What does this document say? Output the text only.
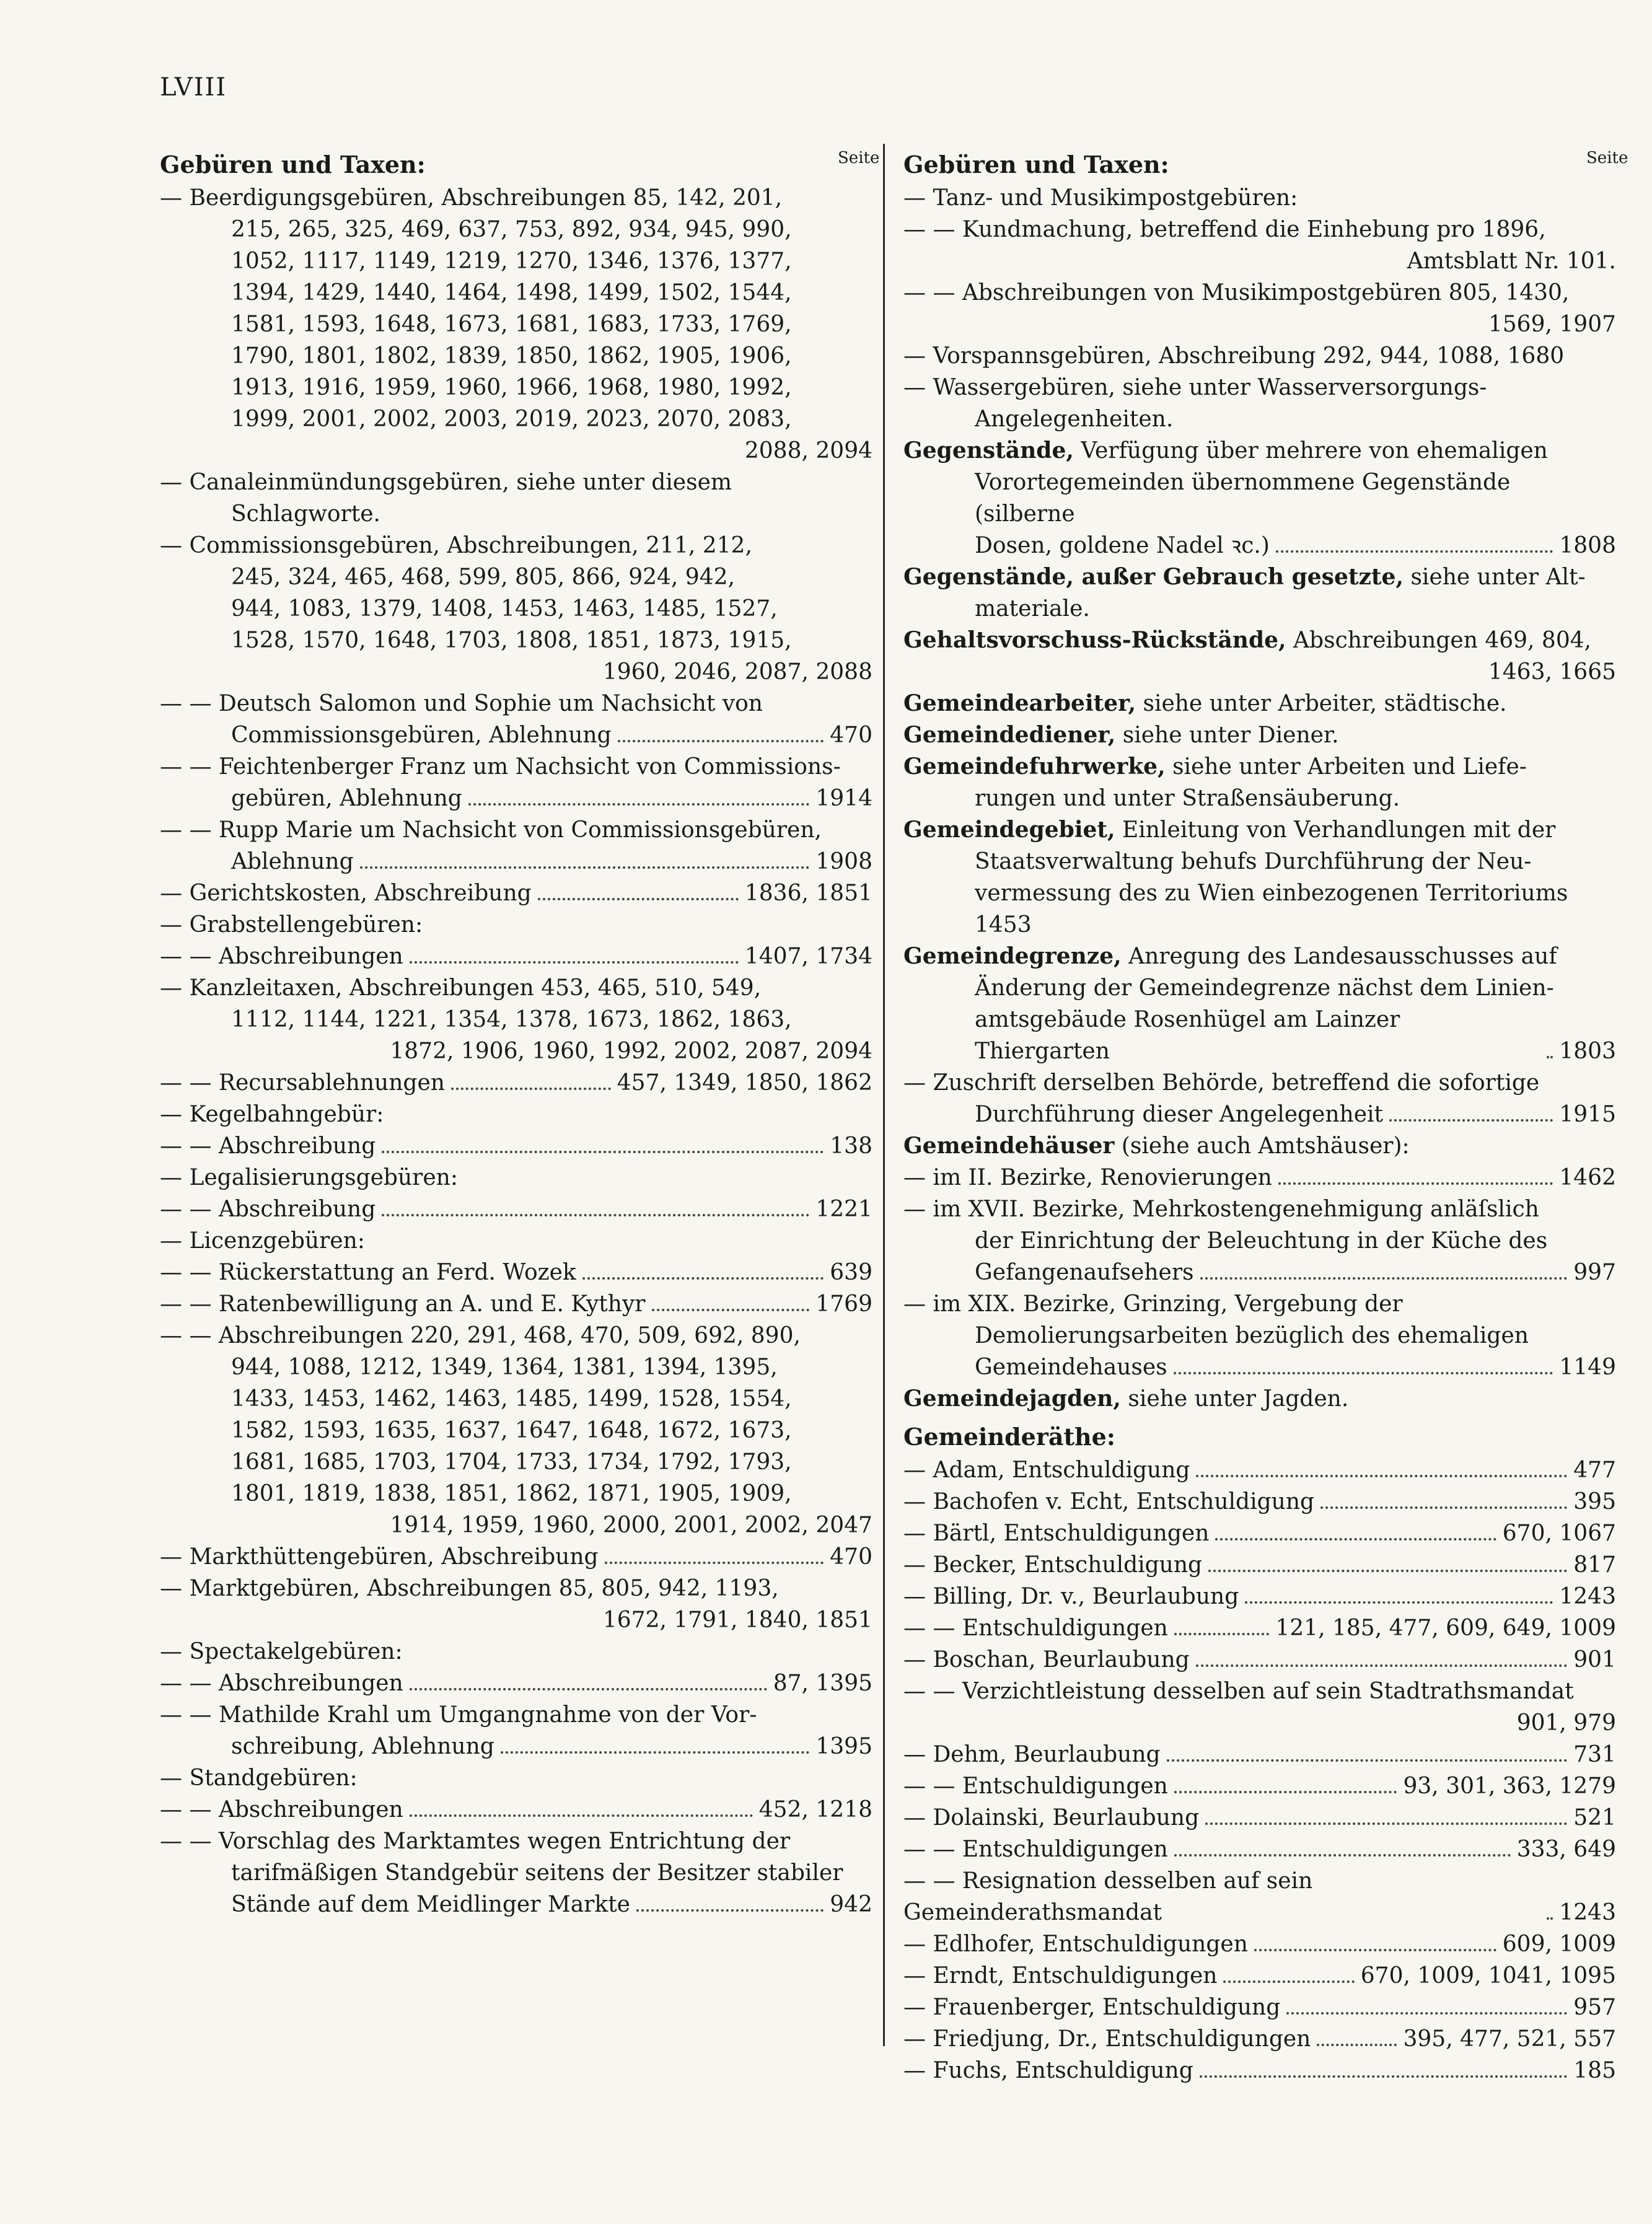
LVIII
Seite	Seite
Gebüren und Taxen:
— Beerdigungsgebüren, Abschreibungen 85, 142, 201,
215, 265, 325, 469, 637, 753, 892, 934, 945, 990,
1052, 1117, 1149, 1219, 1270, 1346, 1376, 1377,
1394, 1429, 1440, 1464, 1498, 1499, 1502, 1544,
1581, 1593, 1648, 1673, 1681, 1683, 1733, 1769,
1790, 1801, 1802, 1839, 1850, 1862, 1905, 1906,
1913, 1916, 1959, 1960, 1966, 1968, 1980, 1992,
1999, 2001, 2002, 2003, 2019, 2023, 2070, 2083,
2088, 2094
— Canaleinmündungsgebüren, siehe unter diesem
Schlagworte.
— Commissionsgebüren, Abschreibungen, 211, 212,
245, 324, 465, 468, 599, 805, 866, 924, 942,
944, 1083, 1379, 1408, 1453, 1463, 1485, 1527,
1528, 1570, 1648, 1703, 1808, 1851, 1873, 1915,
1960, 2046, 2087, 2088
— — Deutsch Salomon und Sophie um Nachsicht von
Commissionsgebüren, Ablehnung	470
— — Feichtenberger Franz um Nachsicht von Commissions-
gebüren, Ablehnung	1914
— — Rupp Marie um Nachsicht von Commissionsgebüren,
Ablehnung	1908
— Gerichtskosten, Abschreibung	1836, 1851
— Grabstellengebüren:
— — Abschreibungen	1407, 1734
— Kanzleitaxen, Abschreibungen 453, 465, 510, 549,
1112, 1144, 1221, 1354, 1378, 1673, 1862, 1863,
1872, 1906, 1960, 1992, 2002, 2087, 2094
— — Recursablehnungen	457, 1349, 1850, 1862
— Kegelbahngebür:
— — Abschreibung	138
— Legalisierungsgebüren:
— — Abschreibung	1221
— Licenzgebüren:
— — Rückerstattung an Ferd. Wozek	639
— — Ratenbewilligung an A. und E. Kythyr	1769
— — Abschreibungen 220, 291, 468, 470, 509, 692, 890,
944, 1088, 1212, 1349, 1364, 1381, 1394, 1395,
1433, 1453, 1462, 1463, 1485, 1499, 1528, 1554,
1582, 1593, 1635, 1637, 1647, 1648, 1672, 1673,
1681, 1685, 1703, 1704, 1733, 1734, 1792, 1793,
1801, 1819, 1838, 1851, 1862, 1871, 1905, 1909,
1914, 1959, 1960, 2000, 2001, 2002, 2047
— Markthüttengebüren, Abschreibung	470
— Marktgebüren, Abschreibungen 85, 805, 942, 1193,
1672, 1791, 1840, 1851
— Spectakelgebüren:
— — Abschreibungen	87, 1395
— — Mathilde Krahl um Umgangnahme von der Vor-
schreibung, Ablehnung	1395
— Standgebüren:
— — Abschreibungen	452, 1218
— — Vorschlag des Marktamtes wegen Entrichtung der
tarifmäßigen Standgebür seitens der Besitzer stabiler
Stände auf dem Meidlinger Markte	942
Gebüren und Taxen:
— Tanz- und Musikimpostgebüren:
— — Kundmachung, betreffend die Einhebung pro 1896,
Amtsblatt Nr. 101.
— — Abschreibungen von Musikimpostgebüren 805, 1430,
1569, 1907
— Vorspannsgebüren, Abschreibung 292, 944, 1088, 1680
— Wassergebüren, siehe unter Wasserversorgungs-
Angelegenheiten.
Gegenstände, Verfügung über mehrere von ehemaligen
Vorortegemeinden übernommene Gegenstände (silberne
Dosen, goldene Nadel ꝛc.)	1808
Gegenstände, außer Gebrauch gesetzte, siehe unter Alt-
materiale.
Gehaltsvorschuss-Rückstände, Abschreibungen 469, 804,
1463, 1665
Gemeindearbeiter, siehe unter Arbeiter, städtische.
Gemeindediener, siehe unter Diener.
Gemeindefuhrwerke, siehe unter Arbeiten und Liefe-
rungen und unter Straßensäuberung.
Gemeindegebiet, Einleitung von Verhandlungen mit der
Staatsverwaltung behufs Durchführung der Neu-
vermessung des zu Wien einbezogenen Territoriums 1453
Gemeindegrenze, Anregung des Landesausschusses auf
Änderung der Gemeindegrenze nächst dem Linien-
amtsgebäude Rosenhügel am Lainzer Thiergarten	1803
— Zuschrift derselben Behörde, betreffend die sofortige
Durchführung dieser Angelegenheit	1915
Gemeindehäuser (siehe auch Amtshäuser):
— im II. Bezirke, Renovierungen	1462
— im XVII. Bezirke, Mehrkostengenehmigung anläſslich
der Einrichtung der Beleuchtung in der Küche des
Gefangenaufsehers	997
— im XIX. Bezirke, Grinzing, Vergebung der
Demolierungsarbeiten bezüglich des ehemaligen
Gemeindehauses	1149
Gemeindejagden, siehe unter Jagden.
Gemeinderäthe:
— Adam, Entschuldigung	477
— Bachofen v. Echt, Entschuldigung	395
— Bärtl, Entschuldigungen	670, 1067
— Becker, Entschuldigung	817
— Billing, Dr. v., Beurlaubung	1243
— — Entschuldigungen	121, 185, 477, 609, 649, 1009
— Boschan, Beurlaubung	901
— — Verzichtleistung desselben auf sein Stadtrathsmandat
901, 979
— Dehm, Beurlaubung	731
— — Entschuldigungen	93, 301, 363, 1279
— Dolainski, Beurlaubung	521
— — Entschuldigungen	333, 649
— — Resignation desselben auf sein Gemeinderathsmandat	1243
— Edlhofer, Entschuldigungen	609, 1009
— Erndt, Entschuldigungen	670, 1009, 1041, 1095
— Frauenberger, Entschuldigung	957
— Friedjung, Dr., Entschuldigungen	395, 477, 521, 557
— Fuchs, Entschuldigung	185
